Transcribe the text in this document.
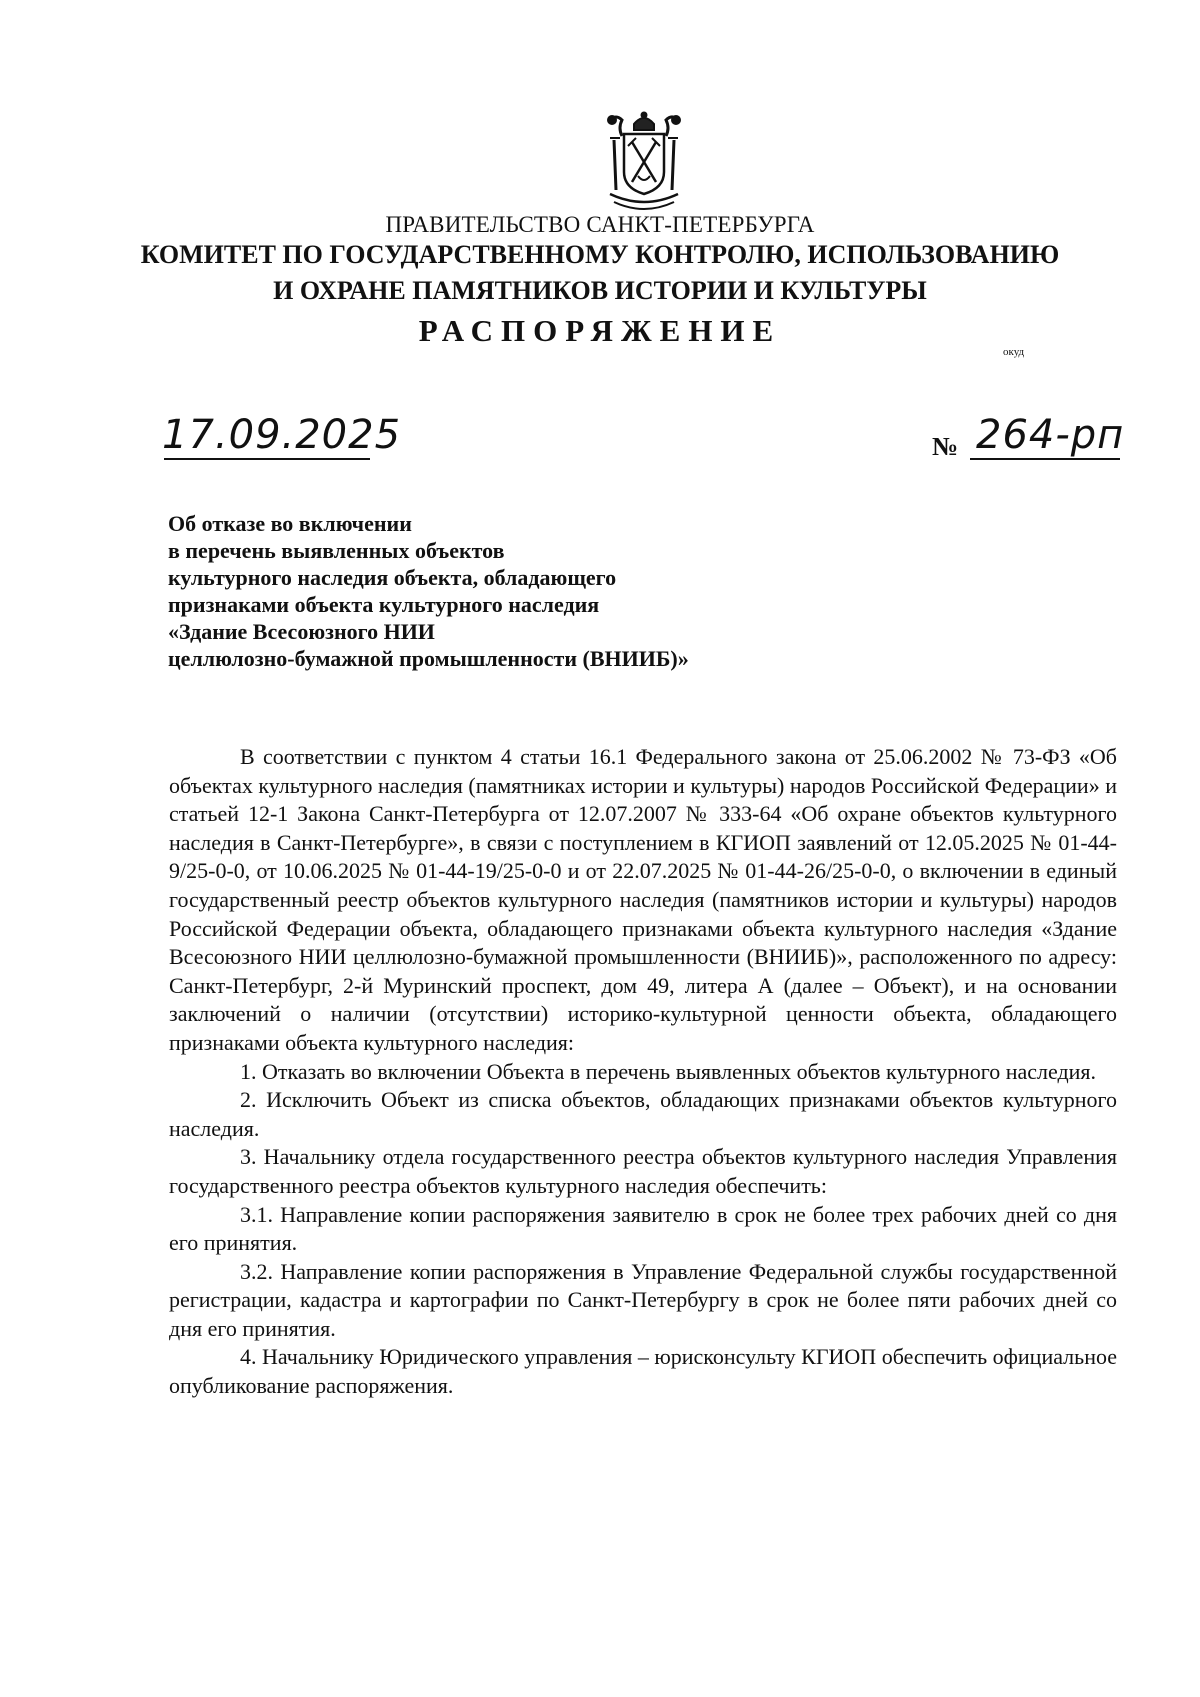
ПРАВИТЕЛЬСТВО САНКТ-ПЕТЕРБУРГА
КОМИТЕТ ПО ГОСУДАРСТВЕННОМУ КОНТРОЛЮ, ИСПОЛЬЗОВАНИЮ
И ОХРАНЕ ПАМЯТНИКОВ ИСТОРИИ И КУЛЬТУРЫ
РАСПОРЯЖЕНИЕ
окуд
17.09.2025	№ 264-рп
Об отказе во включении
в перечень выявленных объектов
культурного наследия объекта, обладающего
признаками объекта культурного наследия
«Здание Всесоюзного НИИ
целлюлозно-бумажной промышленности (ВНИИБ)»

В соответствии с пунктом 4 статьи 16.1 Федерального закона от 25.06.2002 № 73-ФЗ «Об объектах культурного наследия (памятниках истории и культуры) народов Российской Федерации» и статьей 12-1 Закона Санкт-Петербурга от 12.07.2007 № 333-64 «Об охране объектов культурного наследия в Санкт-Петербурге», в связи с поступлением в КГИОП заявлений от 12.05.2025 № 01-44-9/25-0-0, от 10.06.2025 № 01-44-19/25-0-0 и от 22.07.2025 № 01-44-26/25-0-0, о включении в единый государственный реестр объектов культурного наследия (памятников истории и культуры) народов Российской Федерации объекта, обладающего признаками объекта культурного наследия «Здание Всесоюзного НИИ целлюлозно-бумажной промышленности (ВНИИБ)», расположенного по адресу: Санкт-Петербург, 2-й Муринский проспект, дом 49, литера А (далее – Объект), и на основании заключений о наличии (отсутствии) историко-культурной ценности объекта, обладающего признаками объекта культурного наследия:

1. Отказать во включении Объекта в перечень выявленных объектов культурного наследия.

2. Исключить Объект из списка объектов, обладающих признаками объектов культурного наследия.

3. Начальнику отдела государственного реестра объектов культурного наследия Управления государственного реестра объектов культурного наследия обеспечить:

3.1. Направление копии распоряжения заявителю в срок не более трех рабочих дней со дня его принятия.

3.2. Направление копии распоряжения в Управление Федеральной службы государственной регистрации, кадастра и картографии по Санкт-Петербургу в срок не более пяти рабочих дней со дня его принятия.

4. Начальнику Юридического управления – юрисконсульту КГИОП обеспечить официальное опубликование распоряжения.
